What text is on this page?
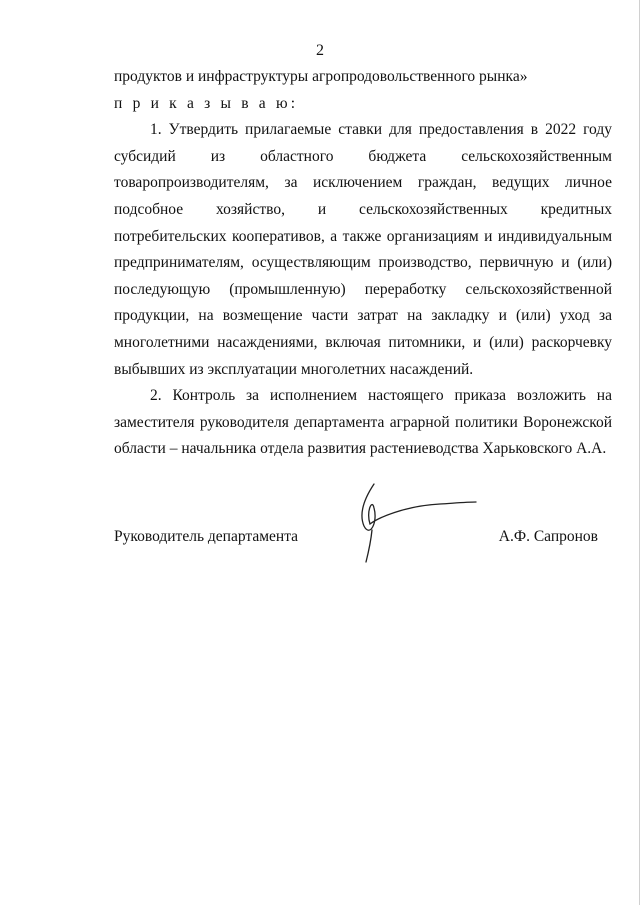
2

продуктов и инфраструктуры агропродовольственного рынка»

п р и к а з ы в а ю:

1. Утвердить прилагаемые ставки для предоставления в 2022 году субсидий из областного бюджета сельскохозяйственным товаропроизводителям, за исключением граждан, ведущих личное подсобное хозяйство, и сельскохозяйственных кредитных потребительских кооперативов, а также организациям и индивидуальным предпринимателям, осуществляющим производство, первичную и (или) последующую (промышленную) переработку сельскохозяйственной продукции, на возмещение части затрат на закладку и (или) уход за многолетними насаждениями, включая питомники, и (или) раскорчевку выбывших из эксплуатации многолетних насаждений.

2. Контроль за исполнением настоящего приказа возложить на заместителя руководителя департамента аграрной политики Воронежской области – начальника отдела развития растениеводства Харьковского А.А.

Руководитель департамента	А.Ф. Сапронов
